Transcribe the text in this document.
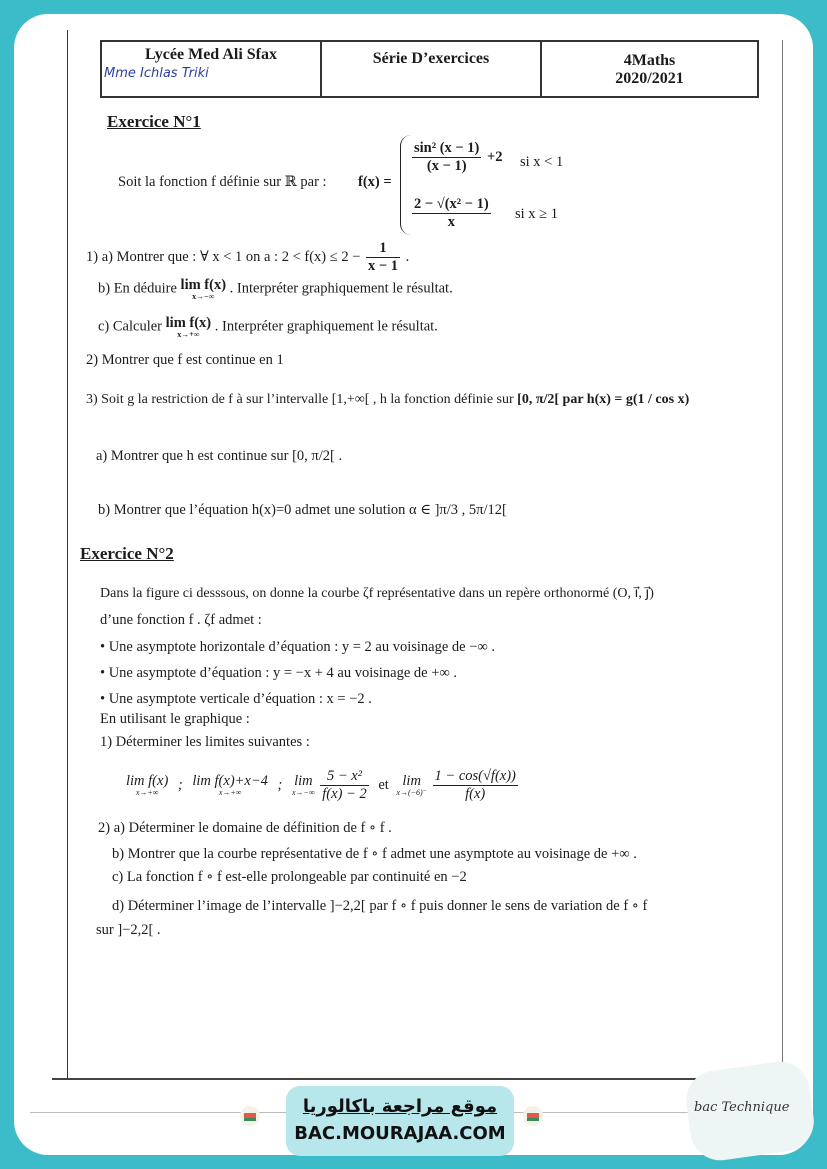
Lycée Med Ali Sfax	Série D’exercices	4Maths
2020/2021
Mme Ichlas Triki
Exercice N°1
Soit la fonction f définie sur ℝ par : f(x) =
$\frac{\text{sin² (x − 1)}}{(x - 1)} +2$ si x < 1
$\frac{\text{2 − √(x² − 1)}}{x}$ si x ≥ 1
1) a) Montrer que : ∀ x < 1 on a : $2 < f(x) \le 2 - \frac{1}{x - 1}$ .
b) En déduire lim f(x)
x→−∞	. Interpréter graphiquement le résultat.
c) Calculer lim f(x)
x→+∞	. Interpréter graphiquement le résultat.
2) Montrer que f est continue en 1
3) Soit g la restriction de f à sur l’intervalle [1,+∞[ , h la fonction définie sur [0, π/2[ par h(x) = g(1 / cos x)
a) Montrer que h est continue sur [0, π/2[ .
b) Montrer que l’équation h(x)=0 admet une solution α ∈ ]π/3 , 5π/12[
Exercice N°2
Dans la figure ci desssous, on donne la courbe ζf représentative dans un repère orthonormé (O, i⃗, j⃗)
d’une fonction f . ζf admet :
• Une asymptote horizontale d’équation : y = 2 au voisinage de −∞ .
• Une asymptote d’équation : y = −x + 4 au voisinage de +∞ .
• Une asymptote verticale d’équation : x = −2 .
En utilisant le graphique :
1) Déterminer les limites suivantes :
lim f(x)
x→+∞	; lim f(x)+x−4
x→+∞	; lim
x→−∞
$\frac{\text{5 − x²}}{f(x) - 2}$ et lim
x→(−6)⁻
$\frac{1 - \cos(√f(x))}{f(x)}$
2) a) Déterminer le domaine de définition de f ∘ f .
b) Montrer que la courbe représentative de f ∘ f admet une asymptote au voisinage de +∞ .
c) La fonction f ∘ f est-elle prolongeable par continuité en −2
d) Déterminer l’image de l’intervalle ]−2,2[ par f ∘ f puis donner le sens de variation de f ∘ f
sur ]−2,2[ .
موقع مراجعة باكالوريا
BAC.MOURAJAA.COM
bac Technique
